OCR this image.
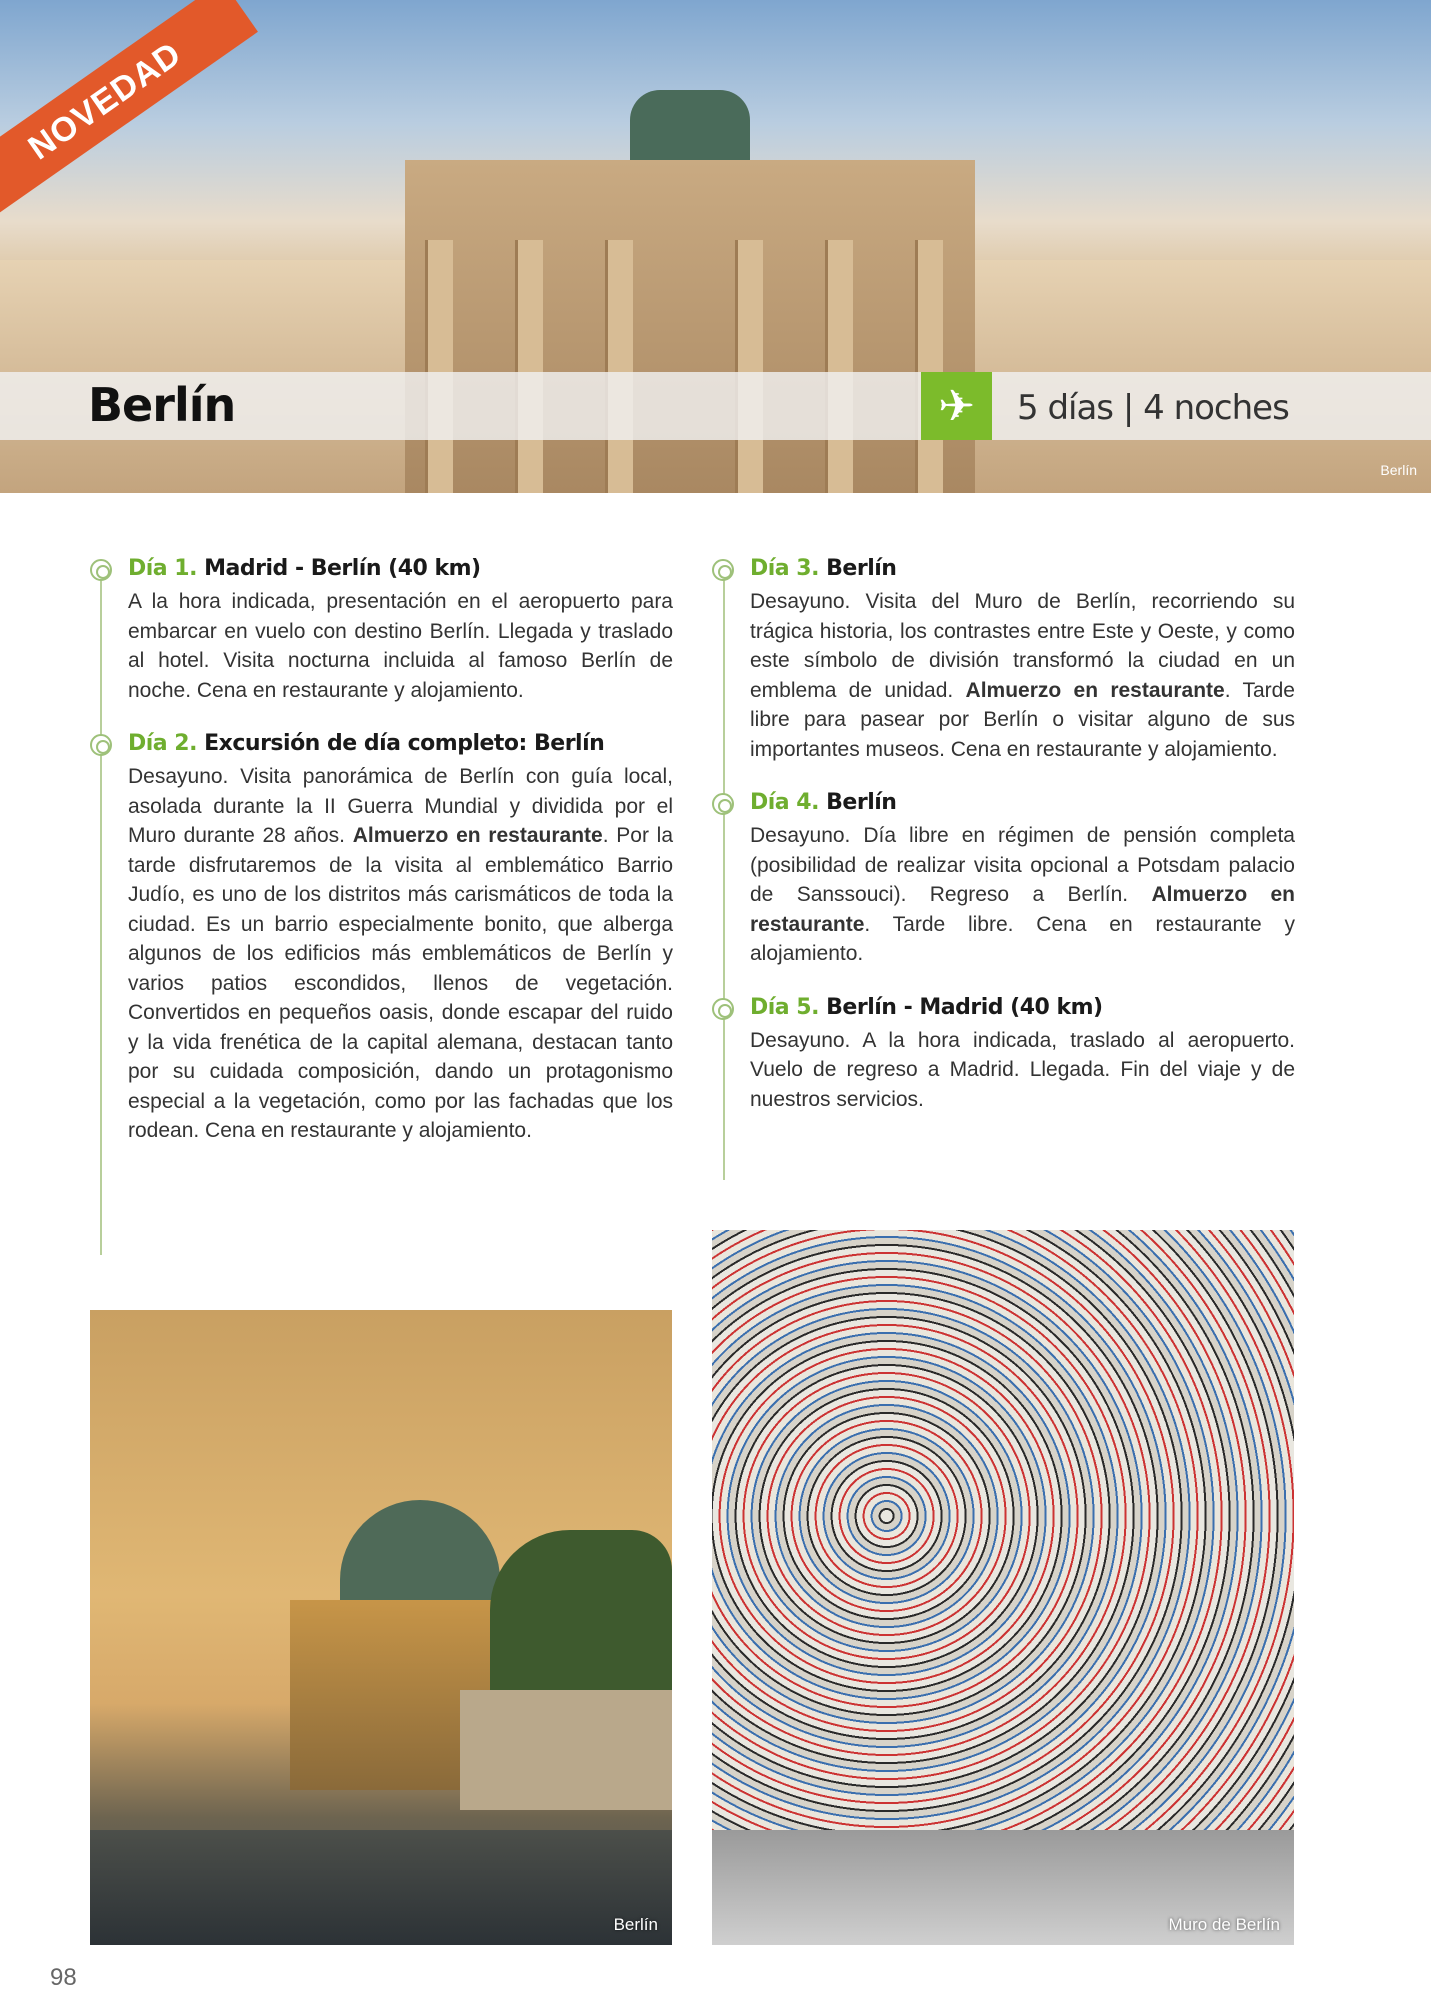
Berlín
NOVEDAD
Berlín	✈	5 días | 4 noches
Día 1. Madrid - Berlín (40 km)

A la hora indicada, presentación en el aeropuerto para embarcar en vuelo con destino Berlín. Llegada y traslado al hotel. Visita nocturna incluida al famoso Berlín de noche. Cena en restaurante y alojamiento.

Día 2. Excursión de día completo: Berlín

Desayuno. Visita panorámica de Berlín con guía local, asolada durante la II Guerra Mundial y dividida por el Muro durante 28 años. Almuerzo en restaurante. Por la tarde disfrutaremos de la visita al emblemático Barrio Judío, es uno de los distritos más carismáticos de toda la ciudad. Es un barrio especialmente bonito, que alberga algunos de los edificios más emblemáticos de Berlín y varios patios escondidos, llenos de vegetación. Convertidos en pequeños oasis, donde escapar del ruido y la vida frenética de la capital alemana, destacan tanto por su cuidada composición, dando un protagonismo especial a la vegetación, como por las fachadas que los rodean. Cena en restaurante y alojamiento.

Día 3. Berlín

Desayuno. Visita del Muro de Berlín, recorriendo su trágica historia, los contrastes entre Este y Oeste, y como este símbolo de división transformó la ciudad en un emblema de unidad. Almuerzo en restaurante. Tarde libre para pasear por Berlín o visitar alguno de sus importantes museos. Cena en restaurante y alojamiento.

Día 4. Berlín

Desayuno. Día libre en régimen de pensión completa (posibilidad de realizar visita opcional a Potsdam palacio de Sanssouci). Regreso a Berlín. Almuerzo en restaurante. Tarde libre. Cena en restaurante y alojamiento.

Día 5. Berlín - Madrid (40 km)

Desayuno. A la hora indicada, traslado al aeropuerto. Vuelo de regreso a Madrid. Llegada. Fin del viaje y de nuestros servicios.

Berlín	Muro de Berlín
98
